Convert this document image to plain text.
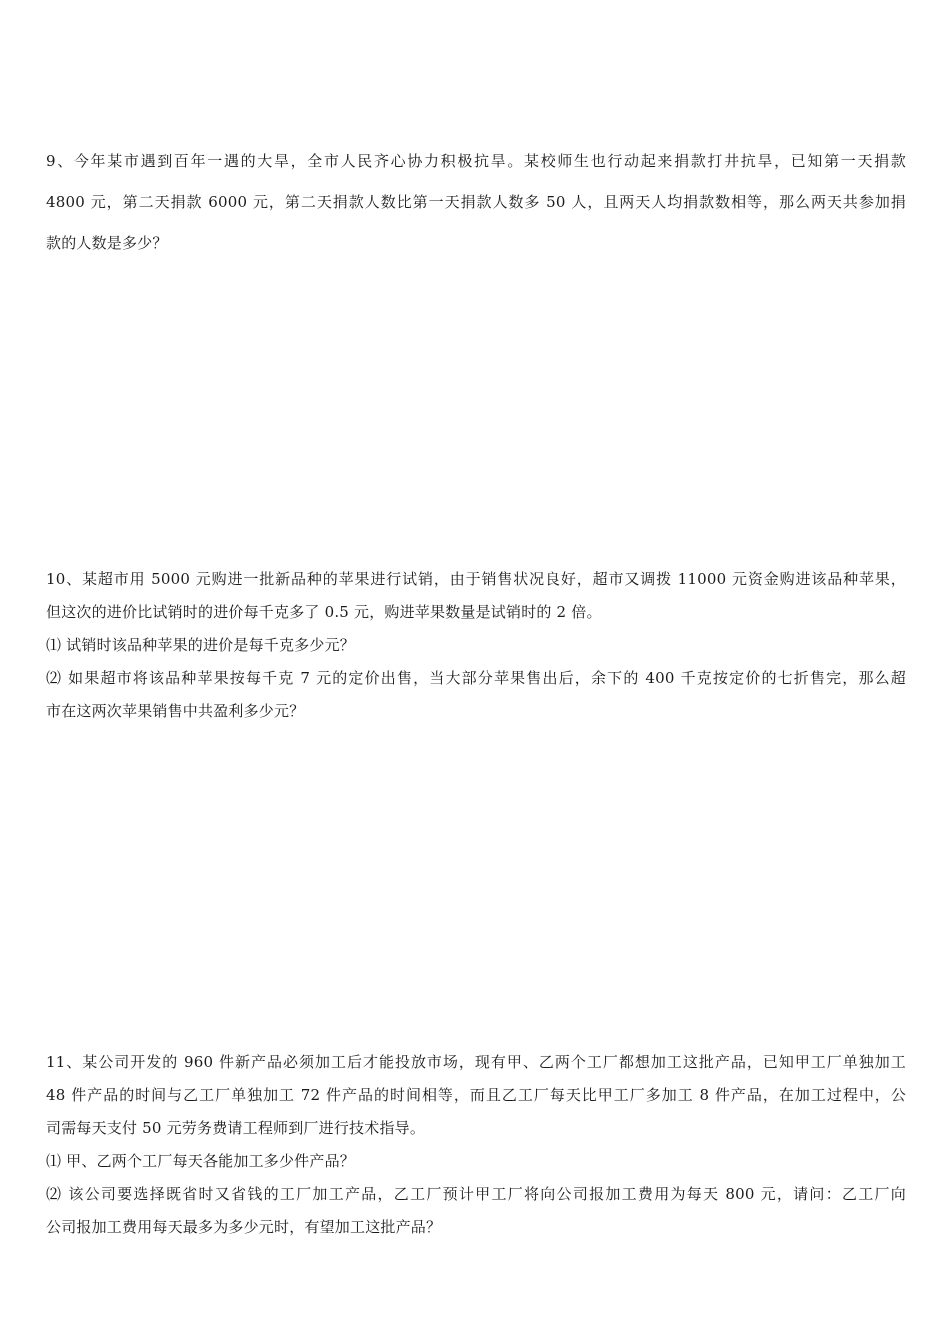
9、今年某市遇到百年一遇的大旱，全市人民齐心协力积极抗旱。某校师生也行动起来捐款打井抗旱，已知第一天捐款
4800 元，第二天捐款 6000 元，第二天捐款人数比第一天捐款人数多 50 人，且两天人均捐款数相等，那么两天共参加捐
款的人数是多少？
10、某超市用 5000 元购进一批新品种的苹果进行试销，由于销售状况良好，超市又调拨 11000 元资金购进该品种苹果，
但这次的进价比试销时的进价每千克多了 0.5 元，购进苹果数量是试销时的 2 倍。
⑴ 试销时该品种苹果的进价是每千克多少元？
⑵ 如果超市将该品种苹果按每千克 7 元的定价出售，当大部分苹果售出后，余下的 400 千克按定价的七折售完，那么超
市在这两次苹果销售中共盈利多少元？
11、某公司开发的 960 件新产品必须加工后才能投放市场，现有甲、乙两个工厂都想加工这批产品，已知甲工厂单独加工
48 件产品的时间与乙工厂单独加工 72 件产品的时间相等，而且乙工厂每天比甲工厂多加工 8 件产品，在加工过程中，公
司需每天支付 50 元劳务费请工程师到厂进行技术指导。
⑴ 甲、乙两个工厂每天各能加工多少件产品？
⑵ 该公司要选择既省时又省钱的工厂加工产品，乙工厂预计甲工厂将向公司报加工费用为每天 800 元，请问：乙工厂向
公司报加工费用每天最多为多少元时，有望加工这批产品？
